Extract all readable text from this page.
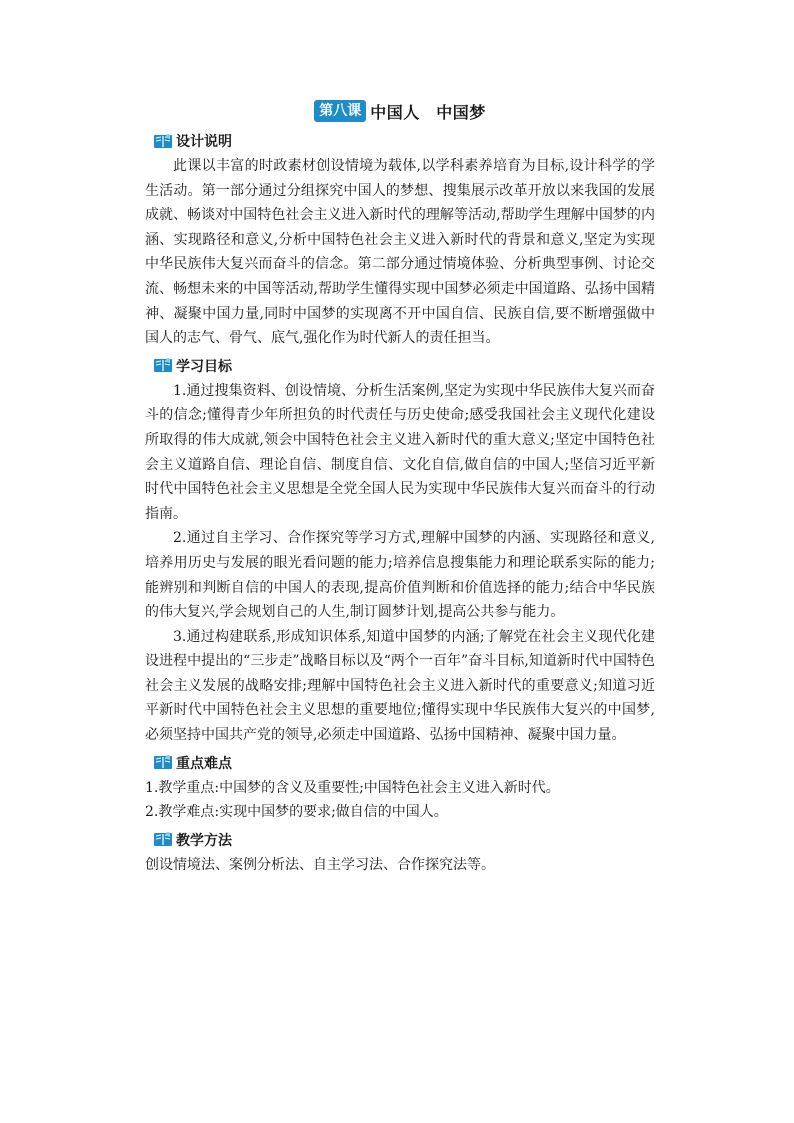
第八课 中国人　中国梦
设计说明

此课以丰富的时政素材创设情境为载体,以学科素养培育为目标,设计科学的学生活动。第一部分通过分组探究中国人的梦想、搜集展示改革开放以来我国的发展成就、畅谈对中国特色社会主义进入新时代的理解等活动,帮助学生理解中国梦的内涵、实现路径和意义,分析中国特色社会主义进入新时代的背景和意义,坚定为实现中华民族伟大复兴而奋斗的信念。第二部分通过情境体验、分析典型事例、讨论交流、畅想未来的中国等活动,帮助学生懂得实现中国梦必须走中国道路、弘扬中国精神、凝聚中国力量,同时中国梦的实现离不开中国自信、民族自信,要不断增强做中国人的志气、骨气、底气,强化作为时代新人的责任担当。

学习目标

1.通过搜集资料、创设情境、分析生活案例,坚定为实现中华民族伟大复兴而奋斗的信念;懂得青少年所担负的时代责任与历史使命;感受我国社会主义现代化建设所取得的伟大成就,领会中国特色社会主义进入新时代的重大意义;坚定中国特色社会主义道路自信、理论自信、制度自信、文化自信,做自信的中国人;坚信习近平新时代中国特色社会主义思想是全党全国人民为实现中华民族伟大复兴而奋斗的行动指南。

2.通过自主学习、合作探究等学习方式,理解中国梦的内涵、实现路径和意义,培养用历史与发展的眼光看问题的能力;培养信息搜集能力和理论联系实际的能力;能辨别和判断自信的中国人的表现,提高价值判断和价值选择的能力;结合中华民族的伟大复兴,学会规划自己的人生,制订圆梦计划,提高公共参与能力。

3.通过构建联系,形成知识体系,知道中国梦的内涵;了解党在社会主义现代化建设进程中提出的“三步走”战略目标以及“两个一百年”奋斗目标,知道新时代中国特色社会主义发展的战略安排;理解中国特色社会主义进入新时代的重要意义;知道习近平新时代中国特色社会主义思想的重要地位;懂得实现中华民族伟大复兴的中国梦,必须坚持中国共产党的领导,必须走中国道路、弘扬中国精神、凝聚中国力量。

重点难点

1.教学重点:中国梦的含义及重要性;中国特色社会主义进入新时代。

2.教学难点:实现中国梦的要求;做自信的中国人。

教学方法

创设情境法、案例分析法、自主学习法、合作探究法等。
